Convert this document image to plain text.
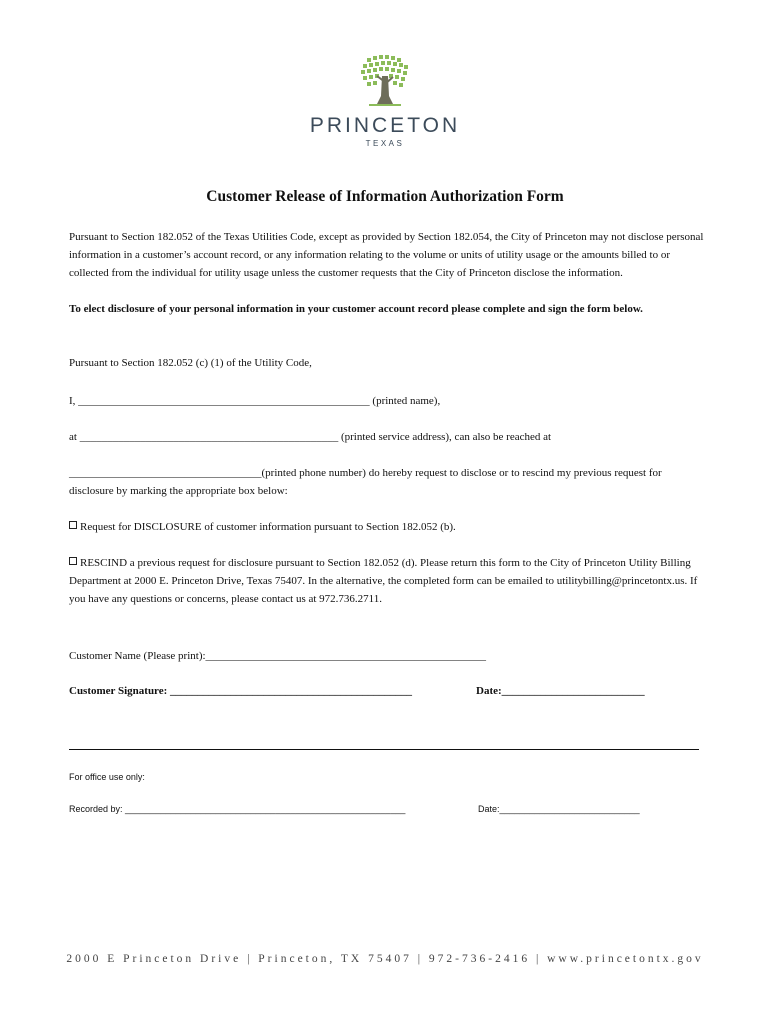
PRINCETON
TEXAS
Customer Release of Information Authorization Form
Pursuant to Section 182.052 of the Texas Utilities Code, except as provided by Section 182.054, the City of Princeton may not disclose personal information in a customer’s account record, or any information relating to the volume or units of utility usage or the amounts billed to or collected from the individual for utility usage unless the customer requests that the City of Princeton disclose the information.
To elect disclosure of your personal information in your customer account record please complete and sign the form below.
Pursuant to Section 182.052 (c) (1) of the Utility Code,
I, _____________________________________________________ (printed name),
at _______________________________________________ (printed service address), can also be reached at
___________________________________(printed phone number) do hereby request to disclose or to rescind my previous request for disclosure by marking the appropriate box below:
Request for DISCLOSURE of customer information pursuant to Section 182.052 (b).
RESCIND a previous request for disclosure pursuant to Section 182.052 (d). Please return this form to the City of Princeton Utility Billing Department at 2000 E. Princeton Drive, Texas 75407. In the alternative, the completed form can be emailed to utilitybilling@princetontx.us. If you have any questions or concerns, please contact us at 972.736.2711.
Customer Name (Please print):___________________________________________________
Customer Signature: ____________________________________________	Date:__________________________
For office use only:
Recorded by: ________________________________________________________	Date:____________________________
2000 E Princeton Drive | Princeton, TX 75407 | 972-736-2416 | www.princetontx.gov
